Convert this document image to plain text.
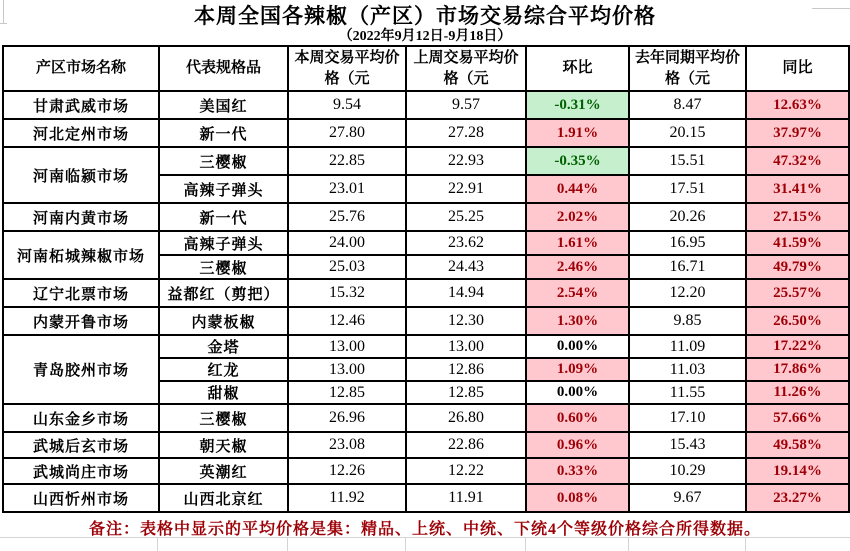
本周全国各辣椒（产区）市场交易综合平均价格
（2022年9月12日-9月18日）
产区市场名称	代表规格品	本周交易平均价格（元	上周交易平均价格（元	环比	去年同期平均价格（元	同比
甘肃武威市场	美国红	9.54	9.57	-0.31%	8.47	12.63%
河北定州市场	新一代	27.80	27.28	1.91%	20.15	37.97%
河南临颍市场	三樱椒	22.85	22.93	-0.35%	15.51	47.32%
	高辣子弹头	23.01	22.91	0.44%	17.51	31.41%
河南内黄市场	新一代	25.76	25.25	2.02%	20.26	27.15%
河南柘城辣椒市场	高辣子弹头	24.00	23.62	1.61%	16.95	41.59%
	三樱椒	25.03	24.43	2.46%	16.71	49.79%
辽宁北票市场	益都红（剪把）	15.32	14.94	2.54%	12.20	25.57%
内蒙开鲁市场	内蒙板椒	12.46	12.30	1.30%	9.85	26.50%
青岛胶州市场	金塔	13.00	13.00	0.00%	11.09	17.22%
	红龙	13.00	12.86	1.09%	11.03	17.86%
	甜椒	12.85	12.85	0.00%	11.55	11.26%
山东金乡市场	三樱椒	26.96	26.80	0.60%	17.10	57.66%
武城后玄市场	朝天椒	23.08	22.86	0.96%	15.43	49.58%
武城尚庄市场	英潮红	12.26	12.22	0.33%	10.29	19.14%
山西忻州市场	山西北京红	11.92	11.91	0.08%	9.67	23.27%
备注：表格中显示的平均价格是集：精品、上统、中统、下统4个等级价格综合所得数据。
